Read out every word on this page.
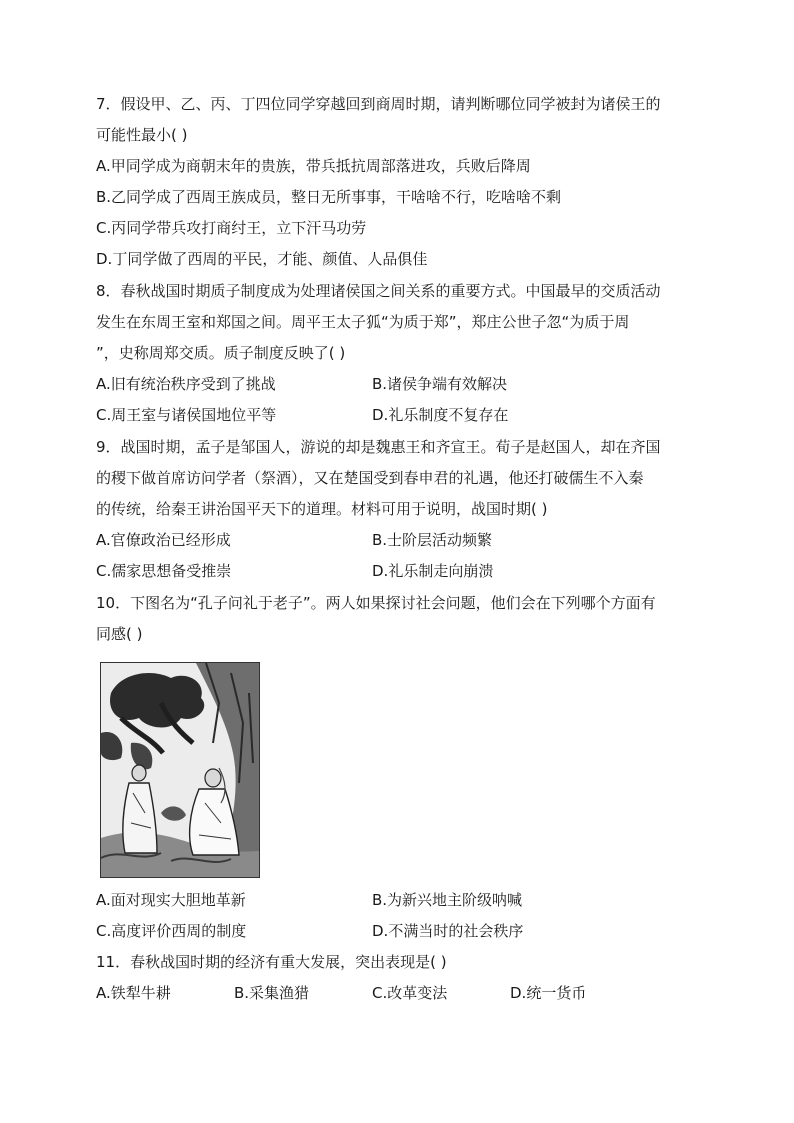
7．假设甲、乙、丙、丁四位同学穿越回到商周时期，请判断哪位同学被封为诸侯王的
可能性最小( )
A.甲同学成为商朝末年的贵族，带兵抵抗周部落进攻，兵败后降周
B.乙同学成了西周王族成员，整日无所事事，干啥啥不行，吃啥啥不剩
C.丙同学带兵攻打商纣王，立下汗马功劳
D.丁同学做了西周的平民，才能、颜值、人品俱佳
8．春秋战国时期质子制度成为处理诸侯国之间关系的重要方式。中国最早的交质活动
发生在东周王室和郑国之间。周平王太子狐“为质于郑”，郑庄公世子忽“为质于周
”，史称周郑交质。质子制度反映了( )
A.旧有统治秩序受到了挑战	B.诸侯争端有效解决
C.周王室与诸侯国地位平等	D.礼乐制度不复存在
9．战国时期，孟子是邹国人，游说的却是魏惠王和齐宣王。荀子是赵国人，却在齐国
的稷下做首席访问学者（祭酒），又在楚国受到春申君的礼遇，他还打破儒生不入秦
的传统，给秦王讲治国平天下的道理。材料可用于说明，战国时期( )
A.官僚政治已经形成	B.士阶层活动频繁
C.儒家思想备受推崇	D.礼乐制走向崩溃
10．下图名为“孔子问礼于老子”。两人如果探讨社会问题，他们会在下列哪个方面有
同感( )
A.面对现实大胆地革新	B.为新兴地主阶级呐喊
C.高度评价西周的制度	D.不满当时的社会秩序
11．春秋战国时期的经济有重大发展，突出表现是( )
A.铁犁牛耕	B.采集渔猎	C.改革变法	D.统一货币
